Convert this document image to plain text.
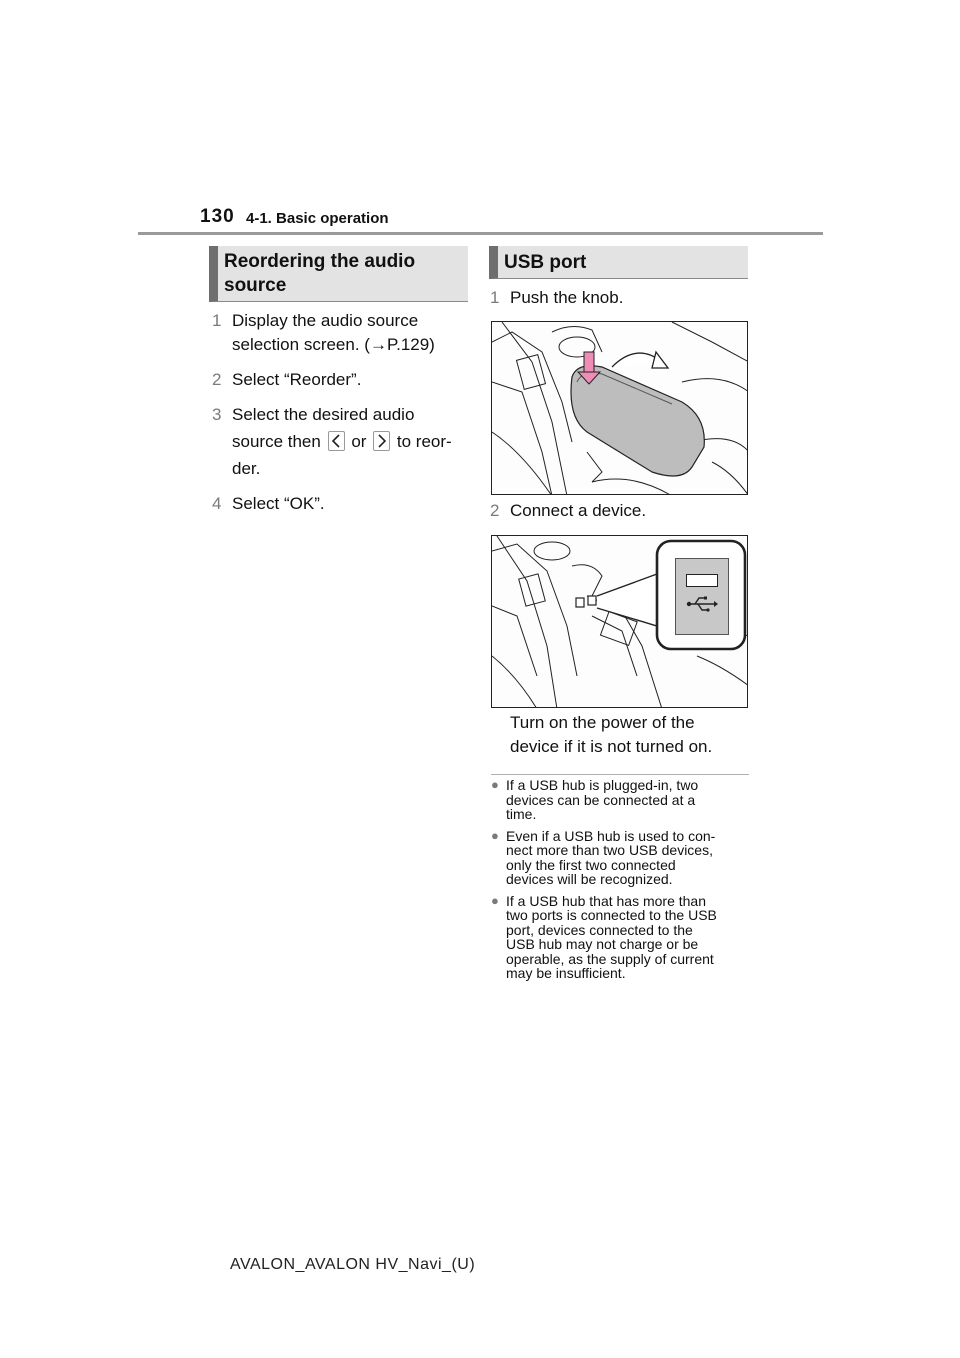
130 4-1. Basic operation
Reordering the audio
source
1 Display the audio source
selection screen. (→P.129)
2 Select “Reorder”.
3 Select the desired audio
source then or to reor-
der.
4 Select “OK”.
USB port
1 Push the knob.
2 Connect a device.
Turn on the power of the
device if it is not turned on.
● If a USB hub is plugged-in, two
devices can be connected at a
time.
● Even if a USB hub is used to con-
nect more than two USB devices,
only the first two connected
devices will be recognized.
● If a USB hub that has more than
two ports is connected to the USB
port, devices connected to the
USB hub may not charge or be
operable, as the supply of current
may be insufficient.
AVALON_AVALON HV_Navi_(U)
